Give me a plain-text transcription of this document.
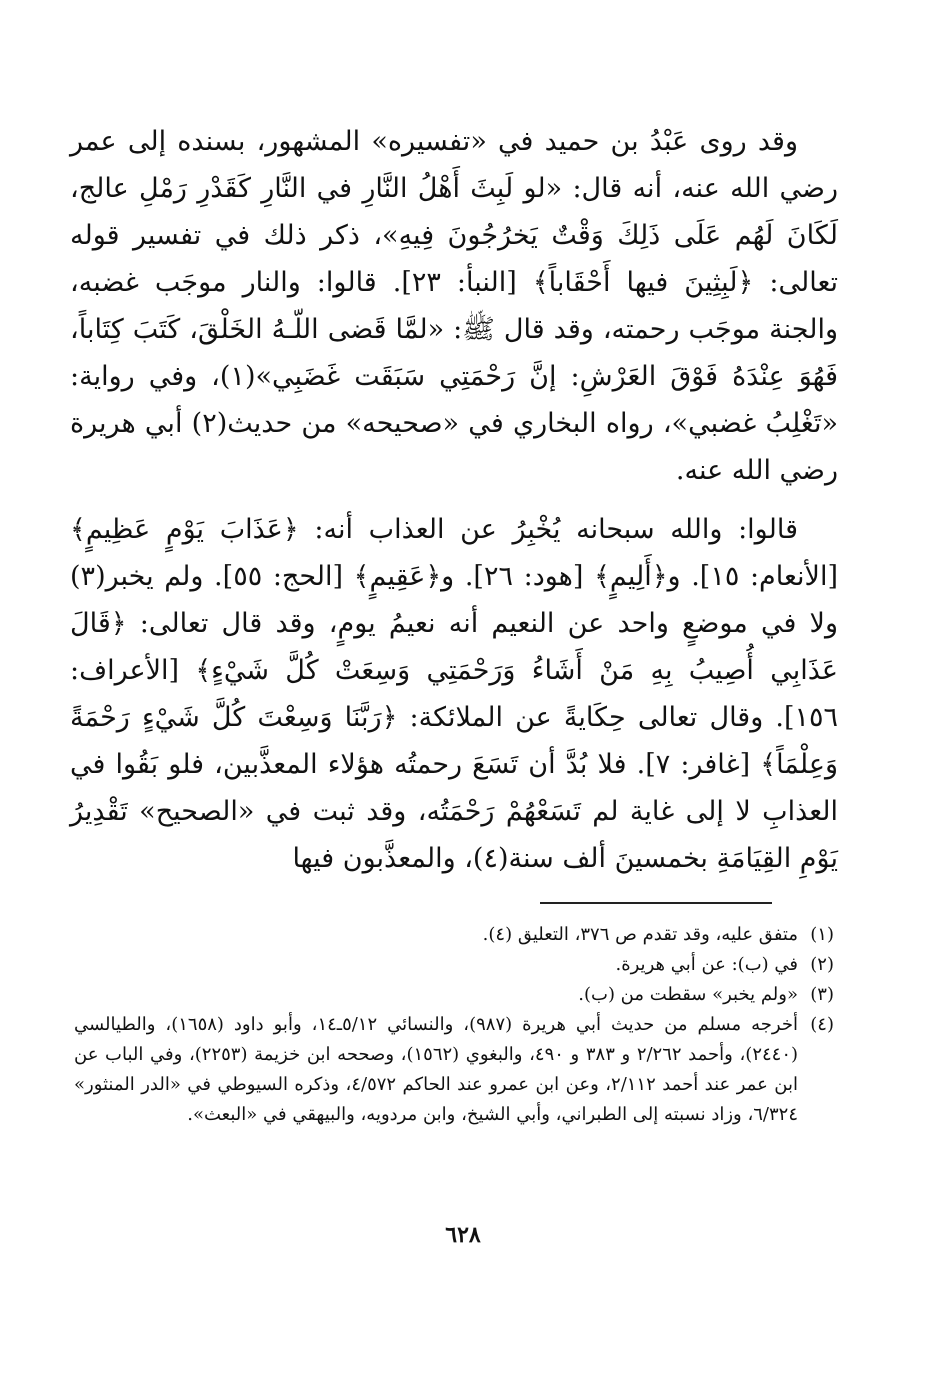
وقد روى عَبْدُ بن حميد في «تفسيره» المشهور، بسنده إلى عمر رضي الله عنه، أنه قال: «لو لَبِثَ أَهْلُ النَّارِ في النَّارِ كَقَدْرِ رَمْلِ عالج، لَكَانَ لَهُم عَلَى ذَلِكَ وَقْتٌ يَخرُجُونَ فِيهِ»، ذكر ذلك في تفسير قوله تعالى: ﴿لَبِثِينَ فيها أَحْقَاباً﴾ [النبأ: ٢٣]. قالوا: والنار موجَب غضبه، والجنة موجَب رحمته، وقد قال ﷺ: «لمَّا قَضى اللّـهُ الخَلْقَ، كَتَبَ كِتَاباً، فَهُوَ عِنْدَهُ فَوْقَ العَرْشِ: إنَّ رَحْمَتِي سَبَقَت غَضَبِي»(١)، وفي رواية: «تَغْلِبُ غضبي»، رواه البخاري في «صحيحه» من حديث(٢) أبي هريرة رضي الله عنه.

قالوا: والله سبحانه يُخْبِرُ عن العذاب أنه: ﴿عَذَابَ يَوْمٍ عَظِيمٍ﴾ [الأنعام: ١٥]. و﴿أَلِيمٍ﴾ [هود: ٢٦]. و﴿عَقِيمٍ﴾ [الحج: ٥٥]. ولم يخبر(٣) ولا في موضعٍ واحد عن النعيم أنه نعيمُ يومٍ، وقد قال تعالى: ﴿قَالَ عَذَابِي أُصِيبُ بِهِ مَنْ أَشَاءُ وَرَحْمَتِي وَسِعَتْ كُلَّ شَيْءٍ﴾ [الأعراف: ١٥٦]. وقال تعالى حِكَايةً عن الملائكة: ﴿رَبَّنَا وَسِعْتَ كُلَّ شَيْءٍ رَحْمَةً وَعِلْمَاً﴾ [غافر: ٧]. فلا بُدَّ أن تَسَعَ رحمتُه هؤلاء المعذَّبين، فلو بَقُوا في العذابِ لا إلى غاية لم تَسَعْهُمْ رَحْمَتُه، وقد ثبت في «الصحيح» تَقْدِيرُ يَوْمِ القِيَامَةِ بخمسينَ ألف سنة(٤)، والمعذَّبون فيها

(١)
متفق عليه، وقد تقدم ص ٣٧٦، التعليق (٤).
(٢)
في (ب): عن أبي هريرة.
(٣)
«ولم يخبر» سقطت من (ب).
(٤)
أخرجه مسلم من حديث أبي هريرة (٩٨٧)، والنسائي ٥/١٢ـ١٤، وأبو داود (١٦٥٨)، والطيالسي (٢٤٤٠)، وأحمد ٢/٢٦٢ و ٣٨٣ و ٤٩٠، والبغوي (١٥٦٢)، وصححه ابن خزيمة (٢٢٥٣)، وفي الباب عن ابن عمر عند أحمد ٢/١١٢، وعن ابن عمرو عند الحاكم ٤/٥٧٢، وذكره السيوطي في «الدر المنثور» ٦/٣٢٤، وزاد نسبته إلى الطبراني، وأبي الشيخ، وابن مردويه، والبيهقي في «البعث».
٦٢٨
